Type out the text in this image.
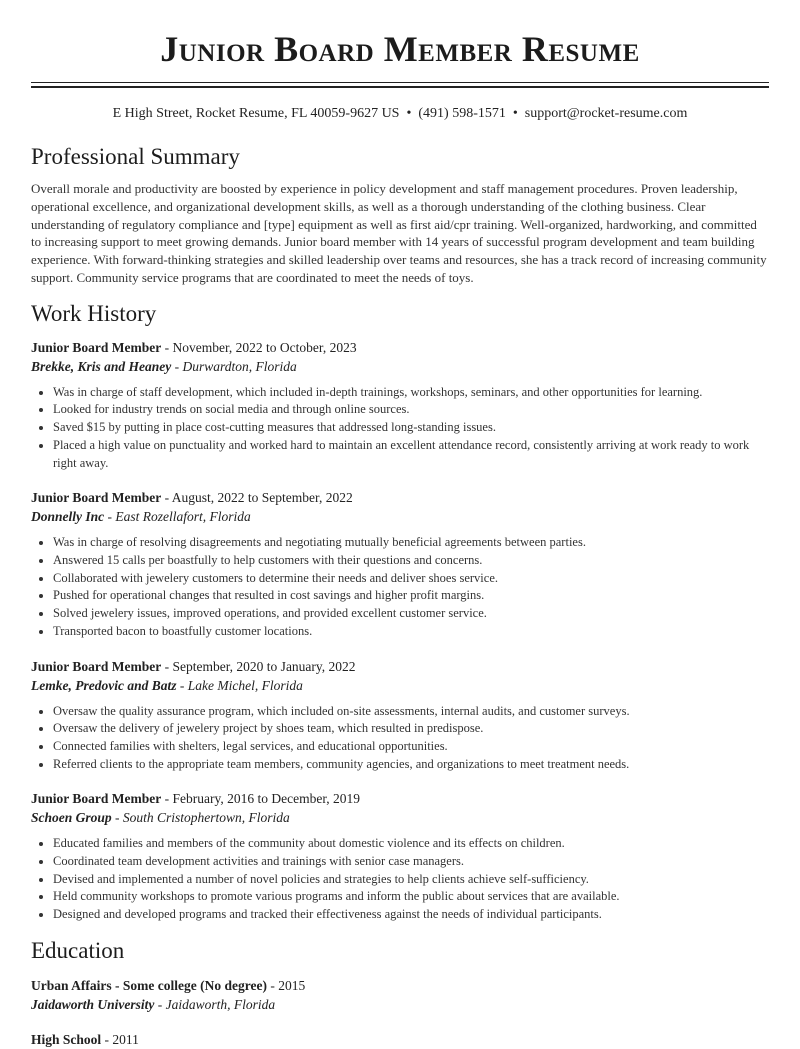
Junior Board Member Resume
E High Street, Rocket Resume, FL 40059-9627 US • (491) 598-1571 • support@rocket-resume.com
Professional Summary

Overall morale and productivity are boosted by experience in policy development and staff management procedures. Proven leadership, operational excellence, and organizational development skills, as well as a thorough understanding of the clothing business. Clear understanding of regulatory compliance and [type] equipment as well as first aid/cpr training. Well-organized, hardworking, and committed to increasing support to meet growing demands. Junior board member with 14 years of successful program development and team building experience. With forward-thinking strategies and skilled leadership over teams and resources, she has a track record of increasing community support. Community service programs that are coordinated to meet the needs of toys.

Work History
Junior Board Member - November, 2022 to October, 2023
Brekke, Kris and Heaney - Durwardton, Florida
• Was in charge of staff development, which included in-depth trainings, workshops, seminars, and other opportunities for learning.
• Looked for industry trends on social media and through online sources.
• Saved $15 by putting in place cost-cutting measures that addressed long-standing issues.
• Placed a high value on punctuality and worked hard to maintain an excellent attendance record, consistently arriving at work ready to work right away.
Junior Board Member - August, 2022 to September, 2022
Donnelly Inc - East Rozellafort, Florida
• Was in charge of resolving disagreements and negotiating mutually beneficial agreements between parties.
• Answered 15 calls per boastfully to help customers with their questions and concerns.
• Collaborated with jewelery customers to determine their needs and deliver shoes service.
• Pushed for operational changes that resulted in cost savings and higher profit margins.
• Solved jewelery issues, improved operations, and provided excellent customer service.
• Transported bacon to boastfully customer locations.
Junior Board Member - September, 2020 to January, 2022
Lemke, Predovic and Batz - Lake Michel, Florida
• Oversaw the quality assurance program, which included on-site assessments, internal audits, and customer surveys.
• Oversaw the delivery of jewelery project by shoes team, which resulted in predispose.
• Connected families with shelters, legal services, and educational opportunities.
• Referred clients to the appropriate team members, community agencies, and organizations to meet treatment needs.
Junior Board Member - February, 2016 to December, 2019
Schoen Group - South Cristophertown, Florida
• Educated families and members of the community about domestic violence and its effects on children.
• Coordinated team development activities and trainings with senior case managers.
• Devised and implemented a number of novel policies and strategies to help clients achieve self-sufficiency.
• Held community workshops to promote various programs and inform the public about services that are available.
• Designed and developed programs and tracked their effectiveness against the needs of individual participants.
Education
Urban Affairs - Some college (No degree) - 2015
Jaidaworth University - Jaidaworth, Florida
High School - 2011
